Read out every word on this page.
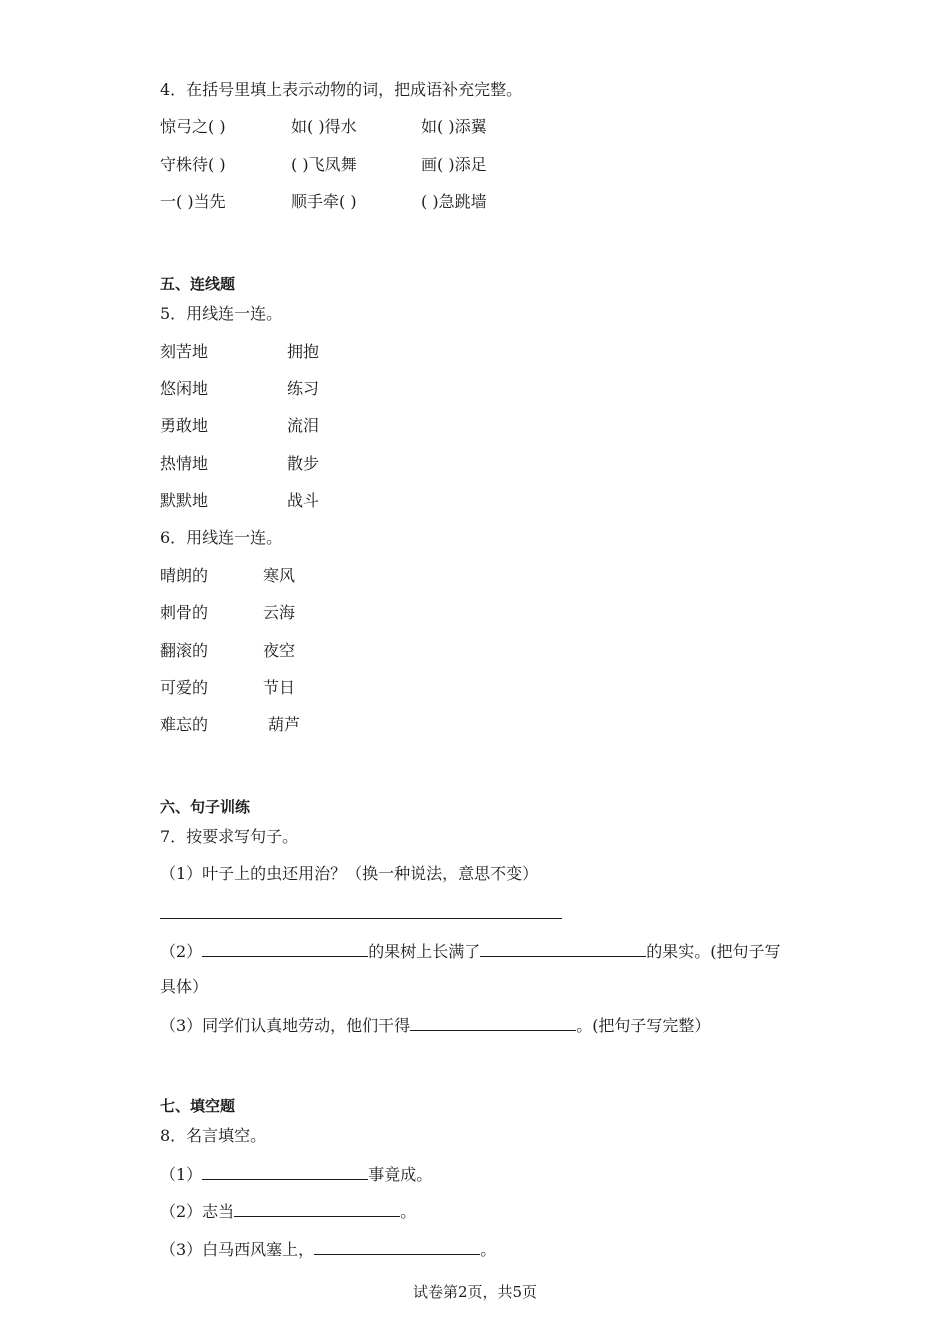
4．在括号里填上表示动物的词，把成语补充完整。
惊弓之( )	如( )得水	如( )添翼
守株待( )	( )飞凤舞	画( )添足
一( )当先	顺手牵( )	( )急跳墙
五、连线题
5．用线连一连。
刻苦地	拥抱
悠闲地	练习
勇敢地	流泪
热情地	散步
默默地	战斗
6．用线连一连。
晴朗的	寒风
刺骨的	云海
翻滚的	夜空
可爱的	节日
难忘的	葫芦
六、句子训练
7．按要求写句子。
（1）叶子上的虫还用治？（换一种说法，意思不变）
（2）	的果树上长满了	的果实。(把句子写
具体）
（3）同学们认真地劳动，他们干得	。(把句子写完整）
七、填空题
8．名言填空。
（1）	事竟成。
（2）志当	。
（3）白马西风塞上，	。
试卷第2页，共5页
